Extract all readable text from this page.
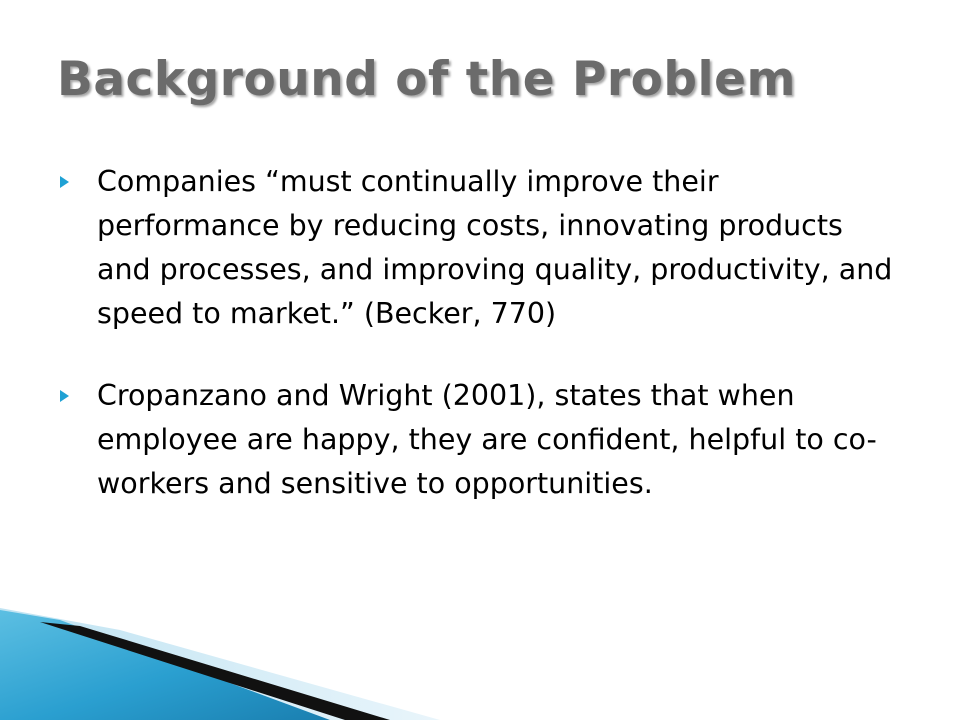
Background of the Problem
Companies “must continually improve their performance by reducing costs, innovating products and processes, and improving quality, productivity, and speed to market.” (Becker, 770)
Cropanzano and Wright (2001), states that when employee are happy, they are confident, helpful to co-workers and sensitive to opportunities.
